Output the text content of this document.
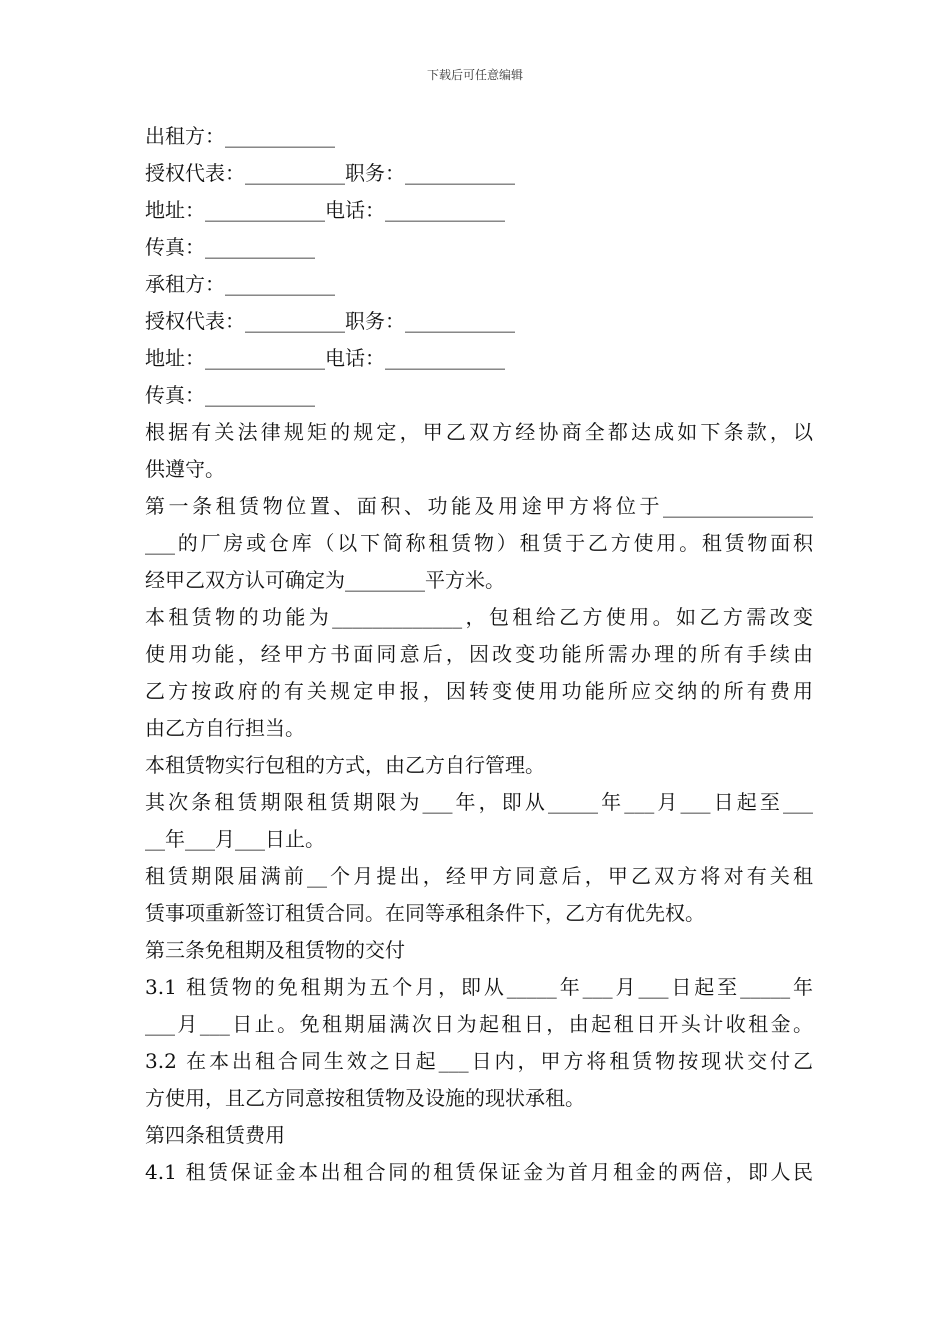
下载后可任意编辑
出租方：___________
授权代表：__________职务：___________
地址：____________电话：____________
传真：___________
承租方：___________
授权代表：__________职务：___________
地址：____________电话：____________
传真：___________
根据有关法律规矩的规定，甲乙双方经协商全都达成如下条款，以
供遵守。
第一条租赁物位置、面积、功能及用途甲方将位于_______________
___的厂房或仓库（以下简称租赁物）租赁于乙方使用。租赁物面积
经甲乙双方认可确定为________平方米。
本租赁物的功能为_____________，包租给乙方使用。如乙方需改变
使用功能，经甲方书面同意后，因改变功能所需办理的所有手续由
乙方按政府的有关规定申报，因转变使用功能所应交纳的所有费用
由乙方自行担当。
本租赁物实行包租的方式，由乙方自行管理。
其次条租赁期限租赁期限为___年，即从_____年___月___日起至___
__年___月___日止。
租赁期限届满前__个月提出，经甲方同意后，甲乙双方将对有关租
赁事项重新签订租赁合同。在同等承租条件下，乙方有优先权。
第三条免租期及租赁物的交付
3.1 租赁物的免租期为五个月，即从_____年___月___日起至_____年
___月___日止。免租期届满次日为起租日，由起租日开头计收租金。
3.2 在本出租合同生效之日起___日内，甲方将租赁物按现状交付乙
方使用，且乙方同意按租赁物及设施的现状承租。
第四条租赁费用
4.1 租赁保证金本出租合同的租赁保证金为首月租金的两倍，即人民
